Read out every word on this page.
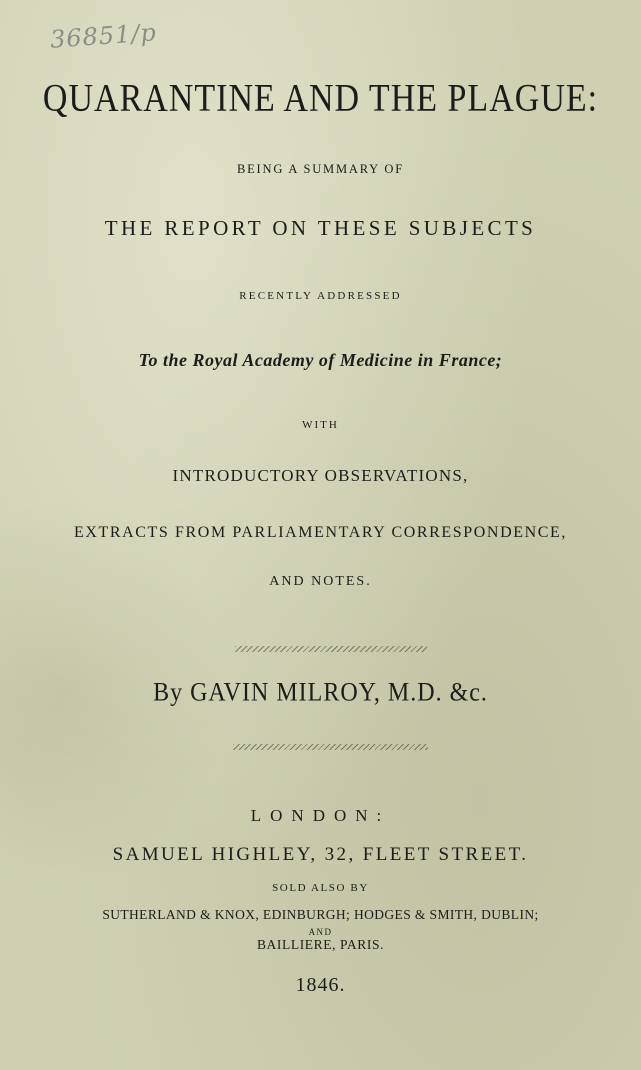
36851/p
QUARANTINE AND THE PLAGUE:
BEING A SUMMARY OF
THE REPORT ON THESE SUBJECTS
RECENTLY ADDRESSED
To the Royal Academy of Medicine in France;
WITH
INTRODUCTORY OBSERVATIONS,
EXTRACTS FROM PARLIAMENTARY CORRESPONDENCE,
AND NOTES.
By GAVIN MILROY, M.D. &c.
LONDON:
SAMUEL HIGHLEY, 32, FLEET STREET.
SOLD ALSO BY
SUTHERLAND & KNOX, EDINBURGH; HODGES & SMITH, DUBLIN;
AND
BAILLIERE, PARIS.
1846.
